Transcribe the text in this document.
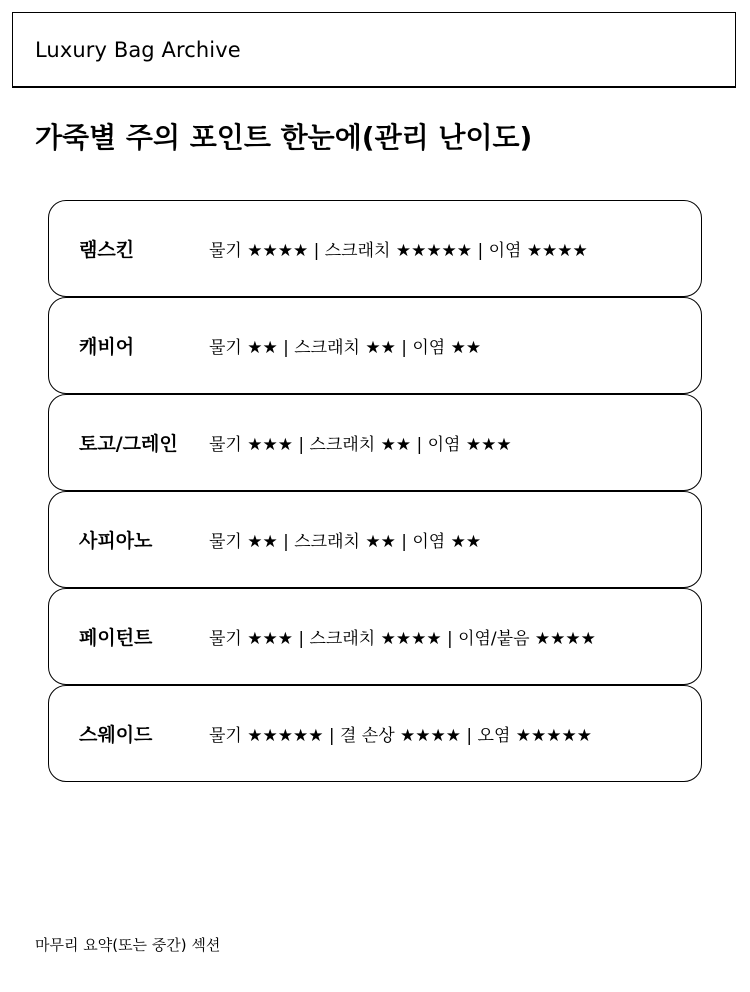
Luxury Bag Archive
가죽별 주의 포인트 한눈에(관리 난이도)
램스킨	물기 ★★★★ | 스크래치 ★★★★★ | 이염 ★★★★
캐비어	물기 ★★ | 스크래치 ★★ | 이염 ★★
토고/그레인 물기 ★★★ | 스크래치 ★★ | 이염 ★★★
사피아노	물기 ★★ | 스크래치 ★★ | 이염 ★★
페이턴트	물기 ★★★ | 스크래치 ★★★★ | 이염/붙음 ★★★★
스웨이드	물기 ★★★★★ | 결 손상 ★★★★ | 오염 ★★★★★
마무리 요약(또는 중간) 섹션
